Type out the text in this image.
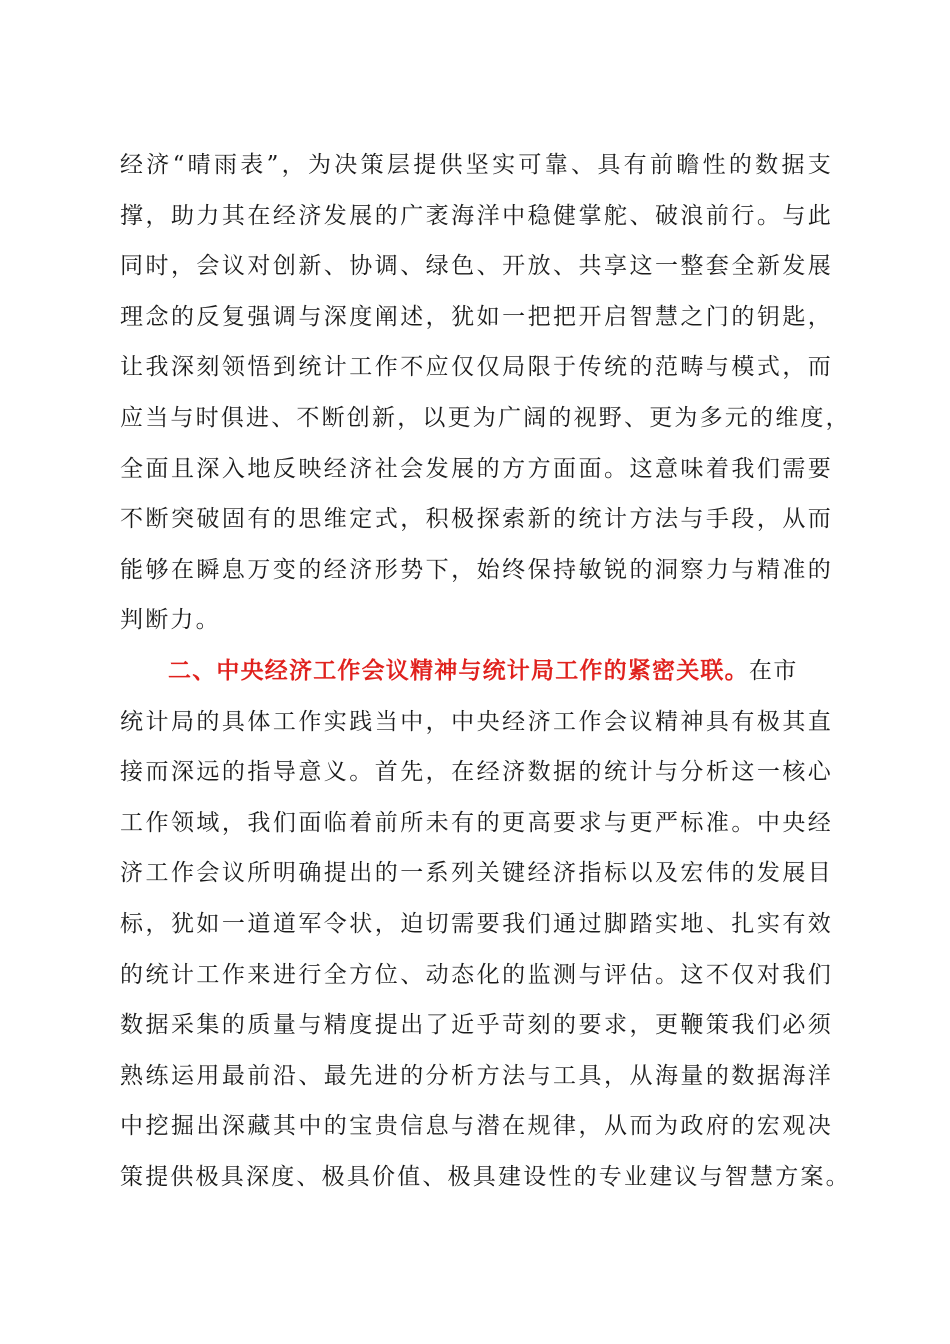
经济“晴雨表”，为决策层提供坚实可靠、具有前瞻性的数据支
撑，助力其在经济发展的广袤海洋中稳健掌舵、破浪前行。与此
同时，会议对创新、协调、绿色、开放、共享这一整套全新发展
理念的反复强调与深度阐述，犹如一把把开启智慧之门的钥匙，
让我深刻领悟到统计工作不应仅仅局限于传统的范畴与模式，而
应当与时俱进、不断创新，以更为广阔的视野、更为多元的维度，
全面且深入地反映经济社会发展的方方面面。这意味着我们需要
不断突破固有的思维定式，积极探索新的统计方法与手段，从而
能够在瞬息万变的经济形势下，始终保持敏锐的洞察力与精准的
判断力。
二、中央经济工作会议精神与统计局工作的紧密关联。在市
统计局的具体工作实践当中，中央经济工作会议精神具有极其直
接而深远的指导意义。首先，在经济数据的统计与分析这一核心
工作领域，我们面临着前所未有的更高要求与更严标准。中央经
济工作会议所明确提出的一系列关键经济指标以及宏伟的发展目
标，犹如一道道军令状，迫切需要我们通过脚踏实地、扎实有效
的统计工作来进行全方位、动态化的监测与评估。这不仅对我们
数据采集的质量与精度提出了近乎苛刻的要求，更鞭策我们必须
熟练运用最前沿、最先进的分析方法与工具，从海量的数据海洋
中挖掘出深藏其中的宝贵信息与潜在规律，从而为政府的宏观决
策提供极具深度、极具价值、极具建设性的专业建议与智慧方案。
